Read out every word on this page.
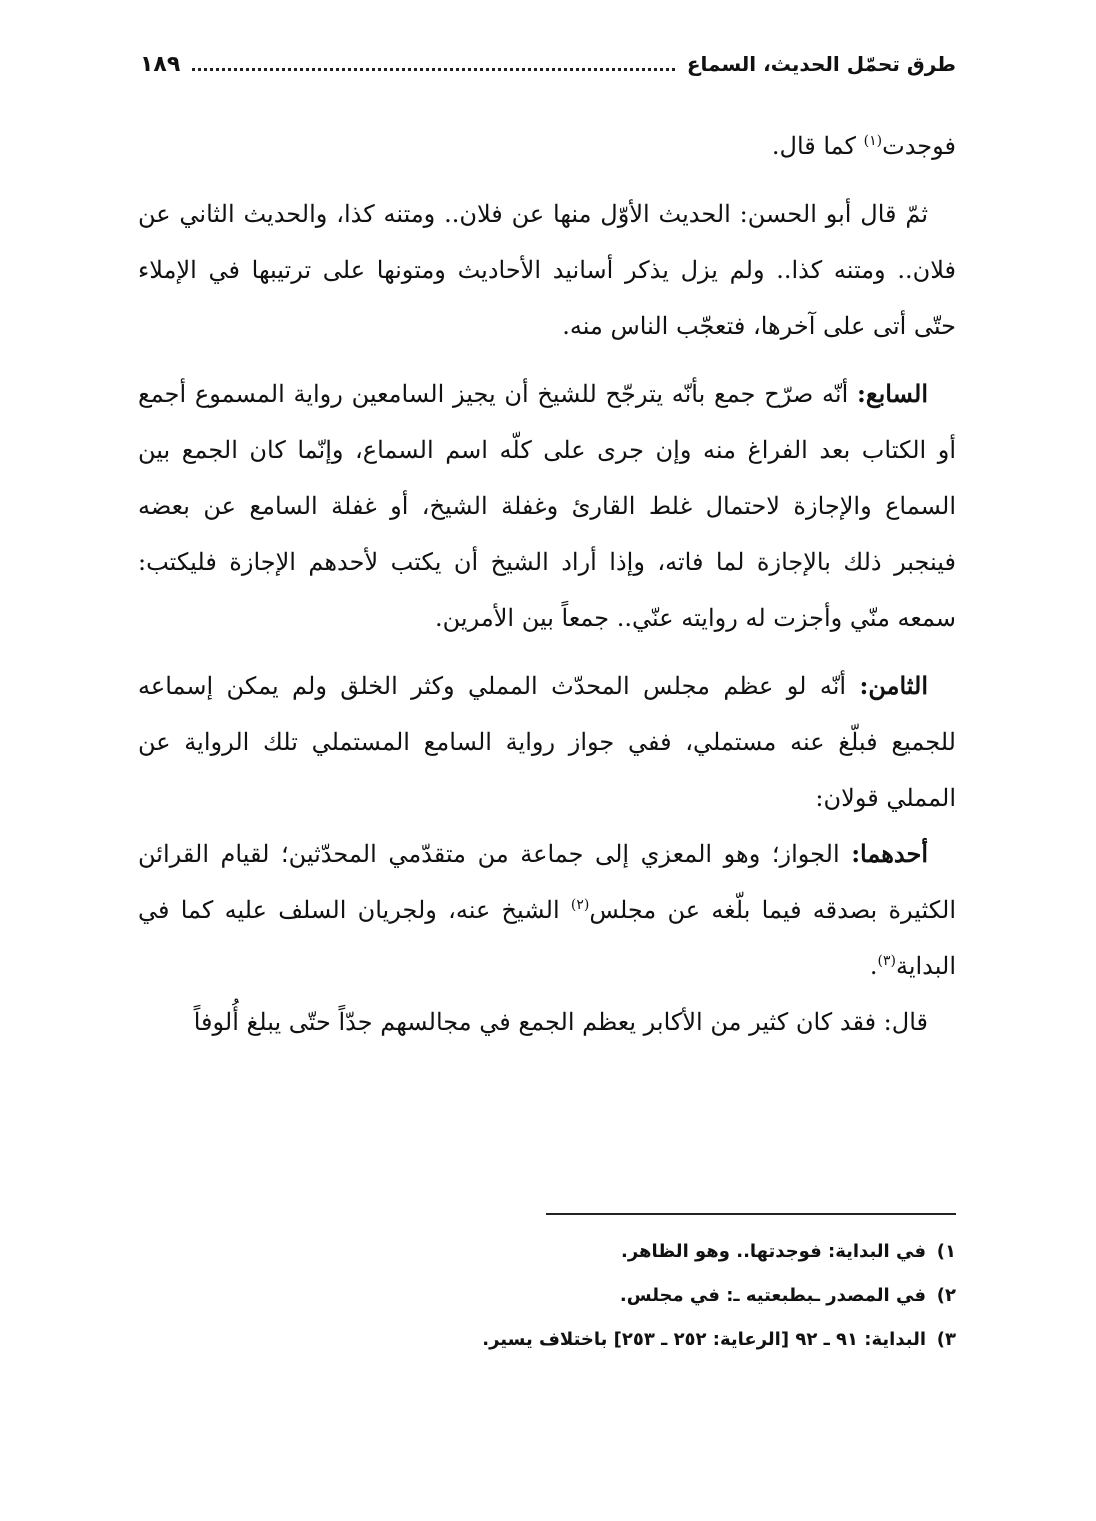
طرق تحمّل الحديث، السماع
١٨٩

فوجدت$^{(١)}$ كما قال.

ثمّ قال أبو الحسن: الحديث الأوّل منها عن فلان.. ومتنه كذا، والحديث الثاني عن فلان.. ومتنه كذا.. ولم يزل يذكر أسانيد الأحاديث ومتونها على ترتيبها في الإملاء حتّى أتى على آخرها، فتعجّب الناس منه.

السابع: أنّه صرّح جمع بأنّه يترجّح للشيخ أن يجيز السامعين رواية المسموع أجمع أو الكتاب بعد الفراغ منه وإن جرى على كلّه اسم السماع، وإنّما كان الجمع بين السماع والإجازة لاحتمال غلط القارئ وغفلة الشيخ، أو غفلة السامع عن بعضه فينجبر ذلك بالإجازة لما فاته، وإذا أراد الشيخ أن يكتب لأحدهم الإجازة فليكتب: سمعه منّي وأجزت له روايته عنّي.. جمعاً بين الأمرين.

الثامن: أنّه لو عظم مجلس المحدّث المملي وكثر الخلق ولم يمكن إسماعه للجميع فبلّغ عنه مستملي، ففي جواز رواية السامع المستملي تلك الرواية عن المملي قولان:

أحدهما: الجواز؛ وهو المعزي إلى جماعة من متقدّمي المحدّثين؛ لقيام القرائن الكثيرة بصدقه فيما بلّغه عن مجلس$^{(٢)}$ الشيخ عنه، ولجريان السلف عليه كما في البداية$^{(٣)}$.

قال: فقد كان كثير من الأكابر يعظم الجمع في مجالسهم جدّاً حتّى يبلغ أُلوفاً

١)
في البداية: فوجدتها.. وهو الظاهر.
٢)
في المصدر ـبطبعتيه ـ: في مجلس.
٣)
البداية: ٩١ ـ ٩٢ [الرعاية: ٢٥٢ ـ ٢٥٣] باختلاف يسير.
